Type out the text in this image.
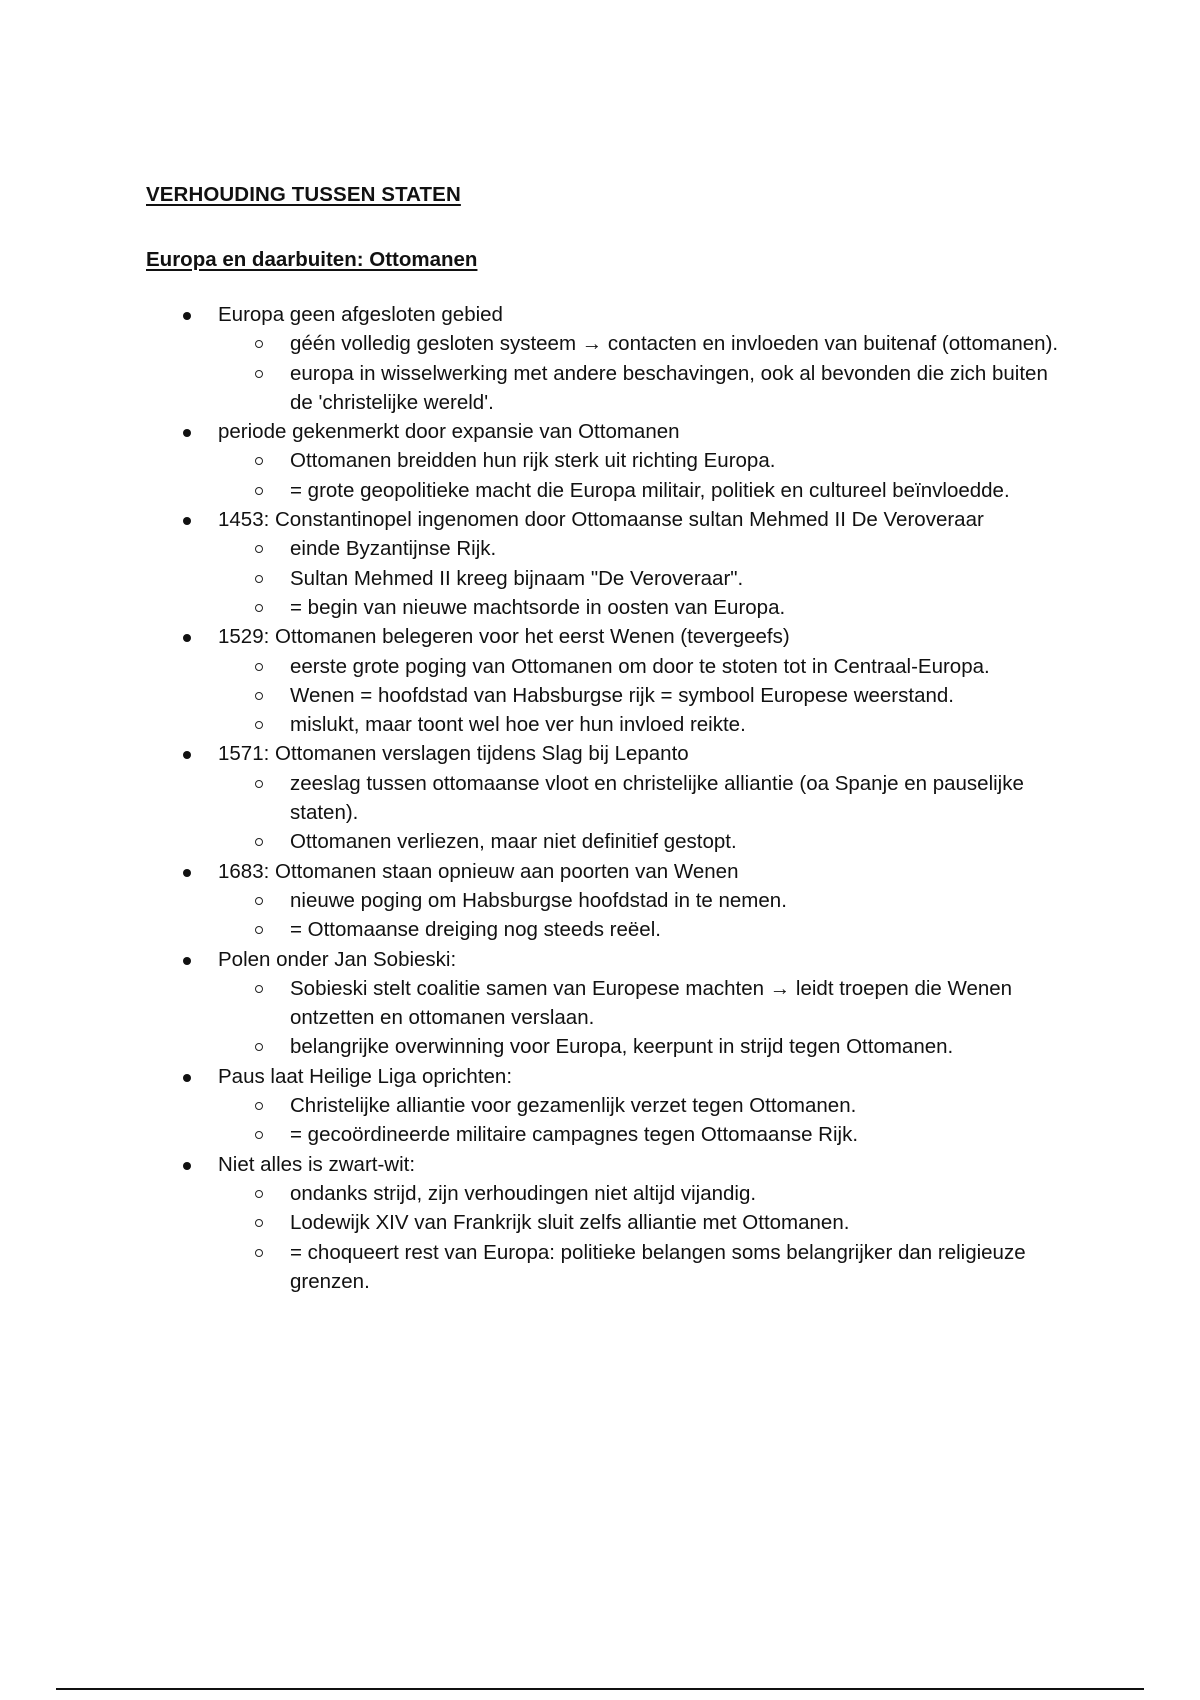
VERHOUDING TUSSEN STATEN
Europa en daarbuiten: Ottomanen
Europa geen afgesloten gebied
géén volledig gesloten systeem → contacten en invloeden van buitenaf (ottomanen).
europa in wisselwerking met andere beschavingen, ook al bevonden die zich buiten de 'christelijke wereld'.
periode gekenmerkt door expansie van Ottomanen
Ottomanen breidden hun rijk sterk uit richting Europa.
= grote geopolitieke macht die Europa militair, politiek en cultureel beïnvloedde.
1453: Constantinopel ingenomen door Ottomaanse sultan Mehmed II De Veroveraar
einde Byzantijnse Rijk.
Sultan Mehmed II kreeg bijnaam "De Veroveraar".
= begin van nieuwe machtsorde in oosten van Europa.
1529: Ottomanen belegeren voor het eerst Wenen (tevergeefs)
eerste grote poging van Ottomanen om door te stoten tot in Centraal-Europa.
Wenen = hoofdstad van Habsburgse rijk = symbool Europese weerstand.
mislukt, maar toont wel hoe ver hun invloed reikte.
1571: Ottomanen verslagen tijdens Slag bij Lepanto
zeeslag tussen ottomaanse vloot en christelijke alliantie (oa Spanje en pauselijke staten).
Ottomanen verliezen, maar niet definitief gestopt.
1683: Ottomanen staan opnieuw aan poorten van Wenen
nieuwe poging om Habsburgse hoofdstad in te nemen.
= Ottomaanse dreiging nog steeds reëel.
Polen onder Jan Sobieski:
Sobieski stelt coalitie samen van Europese machten → leidt troepen die Wenen ontzetten en ottomanen verslaan.
belangrijke overwinning voor Europa, keerpunt in strijd tegen Ottomanen.
Paus laat Heilige Liga oprichten:
Christelijke alliantie voor gezamenlijk verzet tegen Ottomanen.
= gecoördineerde militaire campagnes tegen Ottomaanse Rijk.
Niet alles is zwart-wit:
ondanks strijd, zijn verhoudingen niet altijd vijandig.
Lodewijk XIV van Frankrijk sluit zelfs alliantie met Ottomanen.
= choqueert rest van Europa: politieke belangen soms belangrijker dan religieuze grenzen.
